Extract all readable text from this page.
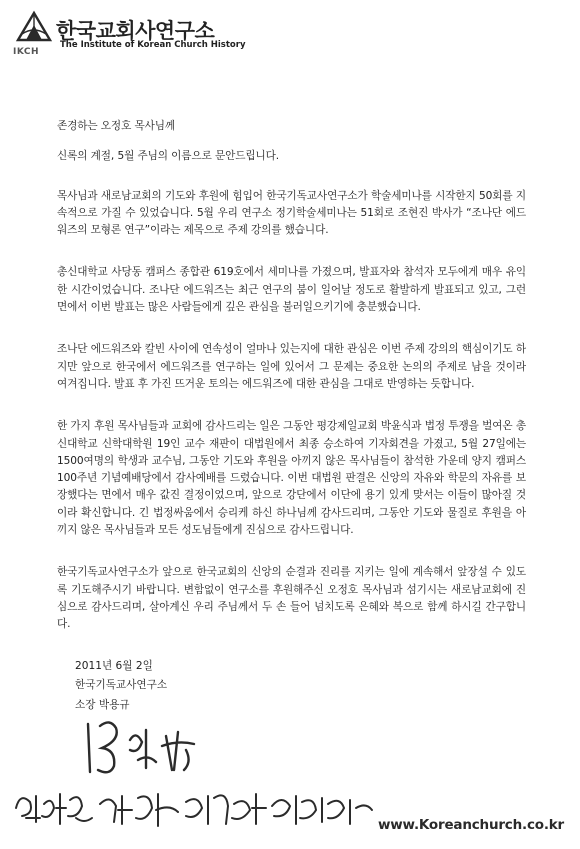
한국교회사연구소
The Institute of Korean Church History
IKCH

존경하는 오정호 목사님께

신록의 계절, 5월 주님의 이름으로 문안드립니다.

목사님과 새로남교회의 기도와 후원에 힘입어 한국기독교사연구소가 학술세미나를 시작한지 50회를 지속적으로 가질 수 있었습니다. 5월 우리 연구소 정기학술세미나는 51회로 조현진 박사가 “조나단 에드워즈의 모형론 연구”이라는 제목으로 주제 강의를 했습니다.

총신대학교 사당동 캠퍼스 종합관 619호에서 세미나를 가졌으며, 발표자와 참석자 모두에게 매우 유익한 시간이었습니다. 조나단 에드워즈는 최근 연구의 붐이 일어날 정도로 활발하게 발표되고 있고, 그런 면에서 이번 발표는 많은 사람들에게 깊은 관심을 불러일으키기에 충분했습니다.

조나단 에드워즈와 칼빈 사이에 연속성이 얼마나 있는지에 대한 관심은 이번 주제 강의의 핵심이기도 하지만 앞으로 한국에서 에드워즈를 연구하는 일에 있어서 그 문제는 중요한 논의의 주제로 남을 것이라 여겨집니다. 발표 후 가진 뜨거운 토의는 에드워즈에 대한 관심을 그대로 반영하는 듯합니다.

한 가지 후원 목사님들과 교회에 감사드리는 일은 그동안 평강제일교회 박윤식과 법정 투쟁을 벌여온 총신대학교 신학대학원 19인 교수 재판이 대법원에서 최종 승소하여 기자회견을 가졌고, 5월 27일에는 1500여명의 학생과 교수님, 그동안 기도와 후원을 아끼지 않은 목사님들이 참석한 가운데 양지 캠퍼스 100주년 기념예배당에서 감사예배를 드렸습니다. 이번 대법원 판결은 신앙의 자유와 학문의 자유를 보장했다는 면에서 매우 값진 결정이었으며, 앞으로 강단에서 이단에 용기 있게 맞서는 이들이 많아질 것이라 확신합니다. 긴 법정싸움에서 승리케 하신 하나님께 감사드리며, 그동안 기도와 물질로 후원을 아끼지 않은 목사님들과 모든 성도님들에게 진심으로 감사드립니다.

한국기독교사연구소가 앞으로 한국교회의 신앙의 순결과 진리를 지키는 일에 계속해서 앞장설 수 있도록 기도해주시기 바랍니다. 변함없이 연구소를 후원해주신 오정호 목사님과 섬기시는 새로남교회에 진심으로 감사드리며, 살아계신 우리 주님께서 두 손 들어 넘치도록 은혜와 복으로 함께 하시길 간구합니다.

2011년 6월 2일
한국기독교사연구소
소장 박용규
www.Koreanchurch.co.kr
